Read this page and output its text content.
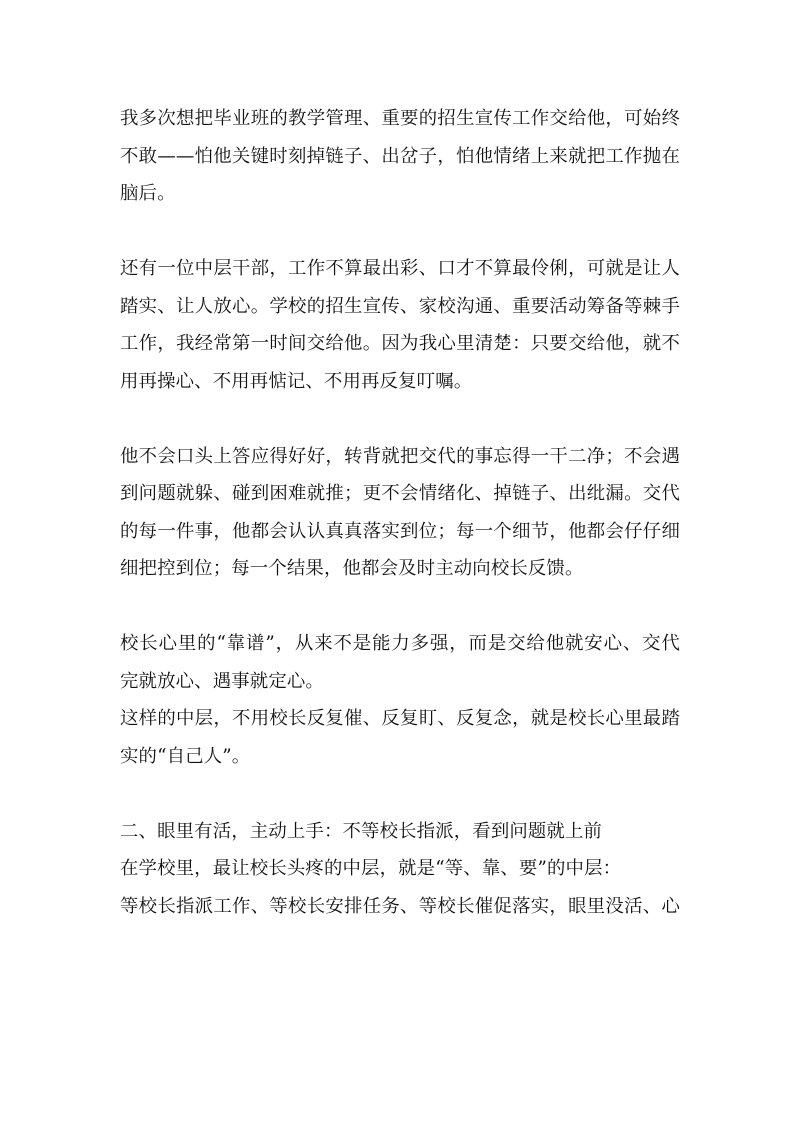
我多次想把毕业班的教学管理、重要的招生宣传工作交给他，可始终
不敢——怕他关键时刻掉链子、出岔子，怕他情绪上来就把工作抛在
脑后。

还有一位中层干部，工作不算最出彩、口才不算最伶俐，可就是让人
踏实、让人放心。学校的招生宣传、家校沟通、重要活动筹备等棘手
工作，我经常第一时间交给他。因为我心里清楚：只要交给他，就不
用再操心、不用再惦记、不用再反复叮嘱。

他不会口头上答应得好好，转背就把交代的事忘得一干二净；不会遇
到问题就躲、碰到困难就推；更不会情绪化、掉链子、出纰漏。交代
的每一件事，他都会认认真真落实到位；每一个细节，他都会仔仔细
细把控到位；每一个结果，他都会及时主动向校长反馈。

校长心里的“靠谱”，从来不是能力多强，而是交给他就安心、交代
完就放心、遇事就定心。

这样的中层，不用校长反复催、反复盯、反复念，就是校长心里最踏
实的“自己人”。

二、眼里有活，主动上手：不等校长指派，看到问题就上前

在学校里，最让校长头疼的中层，就是“等、靠、要”的中层：

等校长指派工作、等校长安排任务、等校长催促落实，眼里没活、心
